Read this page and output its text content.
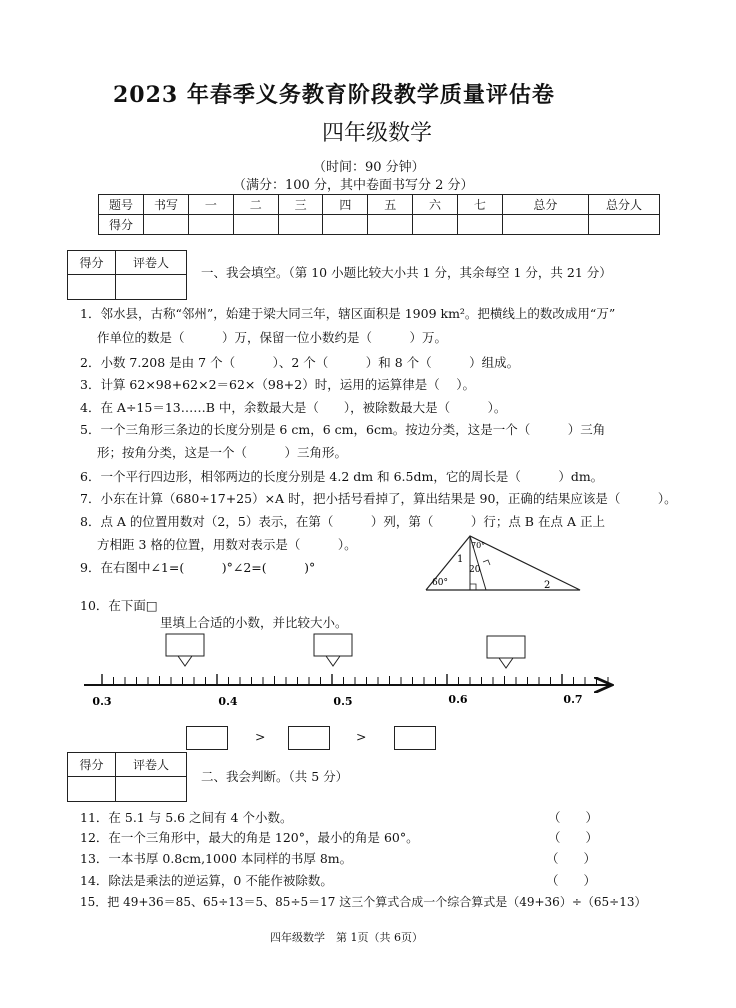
2023 年春季义务教育阶段教学质量评估卷
四年级数学
（时间：90 分钟）
（满分：100 分，其中卷面书写分 2 分）
题号	书写	一	二	三	四	五	六	七	总分	总分人
得分										
得分	评卷人

一、我会填空。（第 10 小题比较大小共 1 分，其余每空 1 分，共 21 分）
1．邻水县，古称“邻州”，始建于梁大同三年，辖区面积是 1909 km²。把横线上的数改成用“万”
作单位的数是（　　　）万，保留一位小数约是（　　　）万。
2．小数 7.208 是由 7 个（　　　）、2 个（　　　）和 8 个（　　　）组成。
3．计算 62×98+62×2＝62×（98+2）时，运用的运算律是（　 ）。
4．在 A÷15＝13……B 中，余数最大是（　　），被除数最大是（　　　）。
5．一个三角形三条边的长度分别是 6 cm，6 cm，6cm。按边分类，这是一个（　　　）三角
形；按角分类，这是一个（　　　）三角形。
6．一个平行四边形，相邻两边的长度分别是 4.2 dm 和 6.5dm，它的周长是（　　　）dm。
7．小东在计算（680÷17+25）×A 时，把小括号看掉了，算出结果是 90，正确的结果应该是（　　　）。
8．点 A 的位置用数对（2，5）表示，在第（　　　）列，第（　　　）行；点 B 在点 A 正上
方相距 3 格的位置，用数对表示是（　　　）。
9．在右图中∠1=(　　　)°∠2=(　　　)°
60°
70°
20
1
2
10．在下面□
里填上合适的小数，并比较大小。
0.3	0.4	0.5	0.6	0.7
>	>
得分	评卷人

二、我会判断。（共 5 分）
11．在 5.1 与 5.6 之间有 4 个小数。	（　　）
12．在一个三角形中，最大的角是 120°，最小的角是 60°。	（　　）
13．一本书厚 0.8cm,1000 本同样的书厚 8m。	（　　）
14．除法是乘法的逆运算，0 不能作被除数。	（　　）
15．把 49+36＝85、65÷13＝5、85÷5＝17 这三个算式合成一个综合算式是（49+36）÷（65÷13）
四年级数学　第 1页（共 6页）
